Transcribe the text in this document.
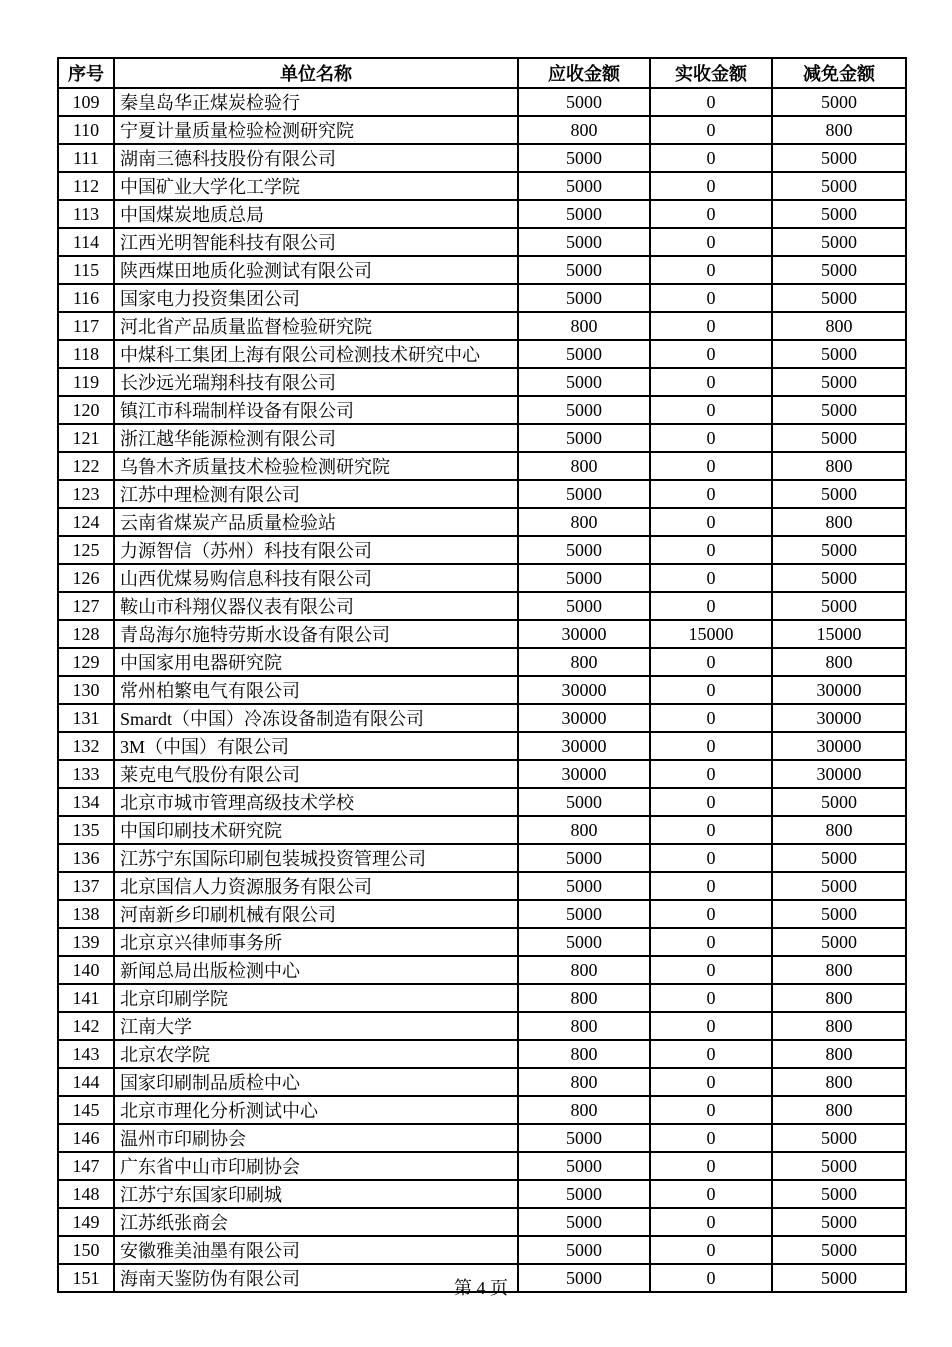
序号	单位名称	应收金额	实收金额	减免金额
109	秦皇岛华正煤炭检验行	5000	0	5000
110	宁夏计量质量检验检测研究院	800	0	800
111	湖南三德科技股份有限公司	5000	0	5000
112	中国矿业大学化工学院	5000	0	5000
113	中国煤炭地质总局	5000	0	5000
114	江西光明智能科技有限公司	5000	0	5000
115	陕西煤田地质化验测试有限公司	5000	0	5000
116	国家电力投资集团公司	5000	0	5000
117	河北省产品质量监督检验研究院	800	0	800
118	中煤科工集团上海有限公司检测技术研究中心	5000	0	5000
119	长沙远光瑞翔科技有限公司	5000	0	5000
120	镇江市科瑞制样设备有限公司	5000	0	5000
121	浙江越华能源检测有限公司	5000	0	5000
122	乌鲁木齐质量技术检验检测研究院	800	0	800
123	江苏中理检测有限公司	5000	0	5000
124	云南省煤炭产品质量检验站	800	0	800
125	力源智信（苏州）科技有限公司	5000	0	5000
126	山西优煤易购信息科技有限公司	5000	0	5000
127	鞍山市科翔仪器仪表有限公司	5000	0	5000
128	青岛海尔施特劳斯水设备有限公司	30000	15000	15000
129	中国家用电器研究院	800	0	800
130	常州柏繁电气有限公司	30000	0	30000
131	Smardt（中国）冷冻设备制造有限公司	30000	0	30000
132	3M（中国）有限公司	30000	0	30000
133	莱克电气股份有限公司	30000	0	30000
134	北京市城市管理高级技术学校	5000	0	5000
135	中国印刷技术研究院	800	0	800
136	江苏宁东国际印刷包装城投资管理公司	5000	0	5000
137	北京国信人力资源服务有限公司	5000	0	5000
138	河南新乡印刷机械有限公司	5000	0	5000
139	北京京兴律师事务所	5000	0	5000
140	新闻总局出版检测中心	800	0	800
141	北京印刷学院	800	0	800
142	江南大学	800	0	800
143	北京农学院	800	0	800
144	国家印刷制品质检中心	800	0	800
145	北京市理化分析测试中心	800	0	800
146	温州市印刷协会	5000	0	5000
147	广东省中山市印刷协会	5000	0	5000
148	江苏宁东国家印刷城	5000	0	5000
149	江苏纸张商会	5000	0	5000
150	安徽雅美油墨有限公司	5000	0	5000
151	海南天鉴防伪有限公司	5000	0	5000
第 4 页
